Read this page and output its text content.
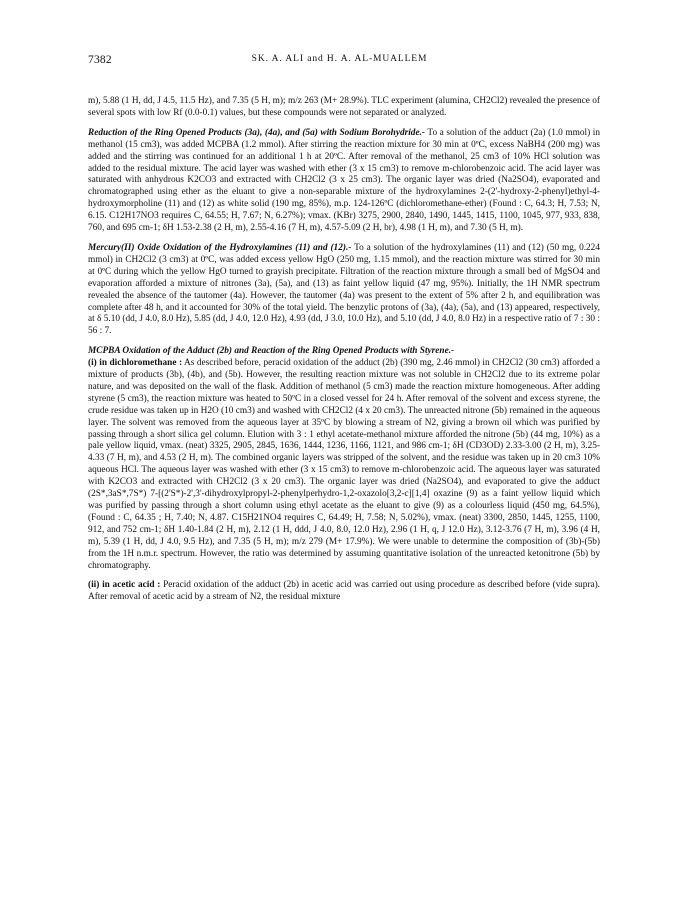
7382	SK. A. ALI and H. A. AL-MUALLEM

m), 5.88 (1 H, dd, J 4.5, 11.5 Hz), and 7.35 (5 H, m); m/z 263 (M+ 28.9%). TLC experiment (alumina, CH2Cl2) revealed the presence of several spots with low Rf (0.0-0.1) values, but these compounds were not separated or analyzed.

Reduction of the Ring Opened Products (3a), (4a), and (5a) with Sodium Borohydride.- To a solution of the adduct (2a) (1.0 mmol) in methanol (15 cm3), was added MCPBA (1.2 mmol). After stirring the reaction mixture for 30 min at 0ºC, excess NaBH4 (200 mg) was added and the stirring was continued for an additional 1 h at 20ºC. After removal of the methanol, 25 cm3 of 10% HCl solution was added to the residual mixture. The acid layer was washed with ether (3 x 15 cm3) to remove m-chlorobenzoic acid. The acid layer was saturated with anhydrous K2CO3 and extracted with CH2Cl2 (3 x 25 cm3). The organic layer was dried (Na2SO4), evaporated and chromatographed using ether as the eluant to give a non-separable mixture of the hydroxylamines 2-(2'-hydroxy-2-phenyl)ethyl-4-hydroxymorpholine (11) and (12) as white solid (190 mg, 85%), m.p. 124-126ºC (dichloromethane-ether) (Found : C, 64.3; H, 7.53; N, 6.15. C12H17NO3 requires C, 64.55; H, 7.67; N, 6.27%); vmax. (KBr) 3275, 2900, 2840, 1490, 1445, 1415, 1100, 1045, 977, 933, 838, 760, and 695 cm-1; δH 1.53-2.38 (2 H, m), 2.55-4.16 (7 H, m), 4.57-5.09 (2 H, br), 4.98 (1 H, m), and 7.30 (5 H, m).

Mercury(II) Oxide Oxidation of the Hydroxylamines (11) and (12).- To a solution of the hydroxylamines (11) and (12) (50 mg, 0.224 mmol) in CH2Cl2 (3 cm3) at 0ºC, was added excess yellow HgO (250 mg, 1.15 mmol), and the reaction mixture was stirred for 30 min at 0ºC during which the yellow HgO turned to grayish precipitate. Filtration of the reaction mixture through a small bed of MgSO4 and evaporation afforded a mixture of nitrones (3a), (5a), and (13) as faint yellow liquid (47 mg, 95%). Initially, the 1H NMR spectrum revealed the absence of the tautomer (4a). However, the tautomer (4a) was present to the extent of 5% after 2 h, and equilibration was complete after 48 h, and it accounted for 30% of the total yield. The benzylic protons of (3a), (4a), (5a), and (13) appeared, respectively, at δ 5.10 (dd, J 4.0, 8.0 Hz), 5.85 (dd, J 4.0, 12.0 Hz), 4.93 (dd, J 3.0, 10.0 Hz), and 5.10 (dd, J 4.0, 8.0 Hz) in a respective ratio of 7 : 30 : 56 : 7.

MCPBA Oxidation of the Adduct (2b) and Reaction of the Ring Opened Products with Styrene.-

(i) in dichloromethane : As described before, peracid oxidation of the adduct (2b) (390 mg, 2.46 mmol) in CH2Cl2 (30 cm3) afforded a mixture of products (3b), (4b), and (5b). However, the resulting reaction mixture was not soluble in CH2Cl2 due to its extreme polar nature, and was deposited on the wall of the flask. Addition of methanol (5 cm3) made the reaction mixture homogeneous. After adding styrene (5 cm3), the reaction mixture was heated to 50ºC in a closed vessel for 24 h. After removal of the solvent and excess styrene, the crude residue was taken up in H2O (10 cm3) and washed with CH2Cl2 (4 x 20 cm3). The unreacted nitrone (5b) remained in the aqueous layer. The solvent was removed from the aqueous layer at 35ºC by blowing a stream of N2, giving a brown oil which was purified by passing through a short silica gel column. Elution with 3 : 1 ethyl acetate-methanol mixture afforded the nitrone (5b) (44 mg, 10%) as a pale yellow liquid, vmax. (neat) 3325, 2905, 2845, 1636, 1444, 1236, 1166, 1121, and 986 cm-1; δH (CD3OD) 2.33-3.00 (2 H, m), 3.25-4.33 (7 H, m), and 4.53 (2 H, m). The combined organic layers was stripped of the solvent, and the residue was taken up in 20 cm3 10% aqueous HCl. The aqueous layer was washed with ether (3 x 15 cm3) to remove m-chlorobenzoic acid. The aqueous layer was saturated with K2CO3 and extracted with CH2Cl2 (3 x 20 cm3). The organic layer was dried (Na2SO4), and evaporated to give the adduct (2S*,3aS*,7S*) 7-[(2'S*)-2',3'-dihydroxylpropyl-2-phenylperhydro-1,2-oxazolo[3,2-c][1,4] oxazine (9) as a faint yellow liquid which was purified by passing through a short column using ethyl acetate as the eluant to give (9) as a colourless liquid (450 mg, 64.5%), (Found : C, 64.35 ; H, 7.40; N, 4.87. C15H21NO4 requires C, 64.49; H, 7.58; N, 5.02%), vmax. (neat) 3300, 2850, 1445, 1255, 1100, 912, and 752 cm-1; δH 1.40-1.84 (2 H, m), 2.12 (1 H, ddd, J 4.0, 8.0, 12.0 Hz), 2.96 (1 H, q, J 12.0 Hz), 3.12-3.76 (7 H, m), 3.96 (4 H, m), 5.39 (1 H, dd, J 4.0, 9.5 Hz), and 7.35 (5 H, m); m/z 279 (M+ 17.9%). We were unable to determine the composition of (3b)-(5b) from the 1H n.m.r. spectrum. However, the ratio was determined by assuming quantitative isolation of the unreacted ketonitrone (5b) by chromatography.

(ii) in acetic acid : Peracid oxidation of the adduct (2b) in acetic acid was carried out using procedure as described before (vide supra). After removal of acetic acid by a stream of N2, the residual mixture
